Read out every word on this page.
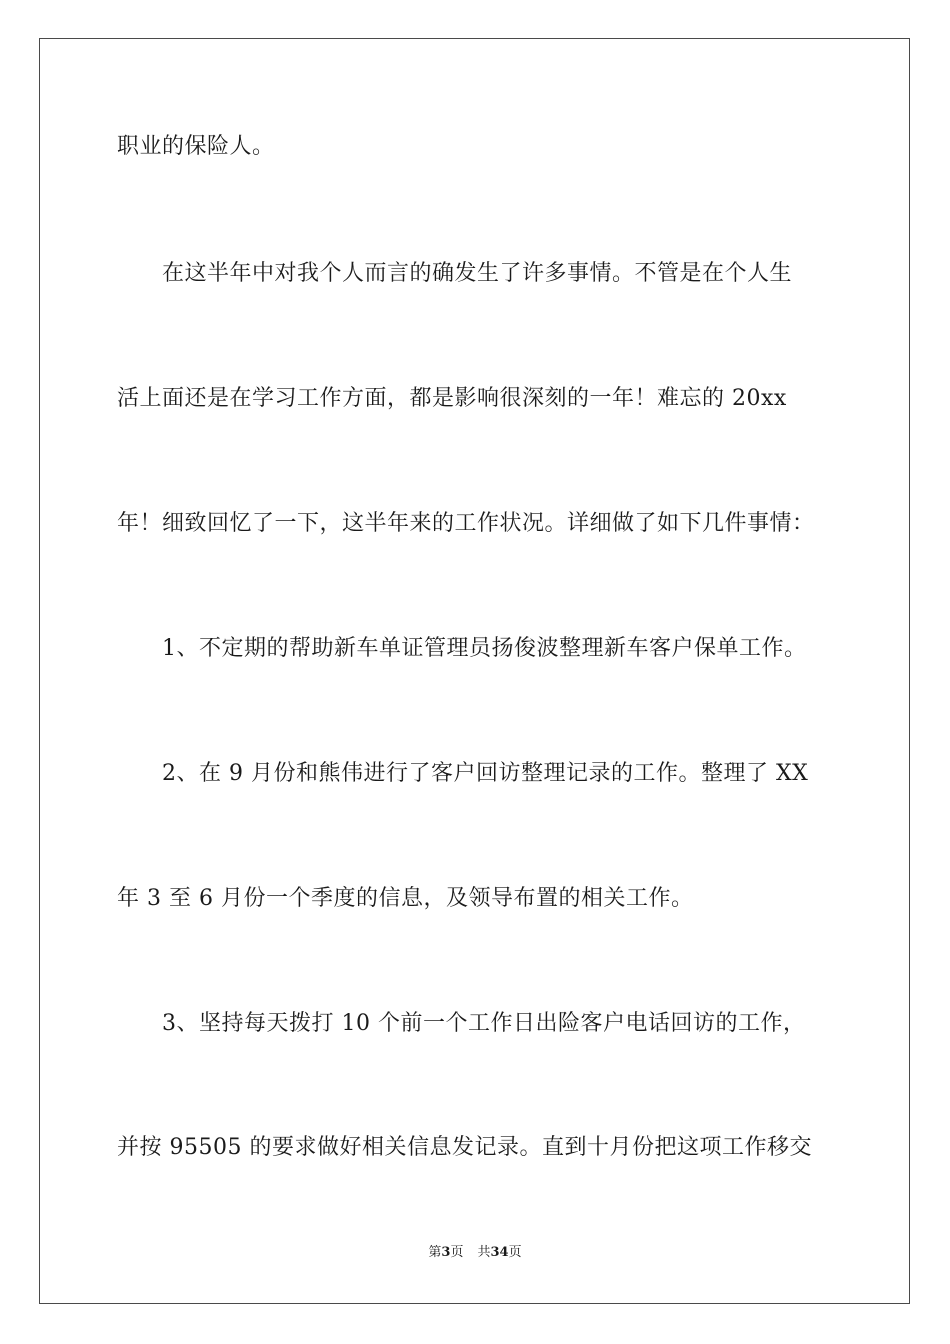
职业的保险人。
在这半年中对我个人而言的确发生了许多事情。不管是在个人生
活上面还是在学习工作方面，都是影响很深刻的一年！难忘的 20xx
年！细致回忆了一下，这半年来的工作状况。详细做了如下几件事情：
1、不定期的帮助新车单证管理员扬俊波整理新车客户保单工作。
2、在 9 月份和熊伟进行了客户回访整理记录的工作。整理了 XX
年 3 至 6 月份一个季度的信息，及领导布置的相关工作。
3、坚持每天拨打 10 个前一个工作日出险客户电话回访的工作，
并按 95505 的要求做好相关信息发记录。直到十月份把这项工作移交
第3页 共34页
